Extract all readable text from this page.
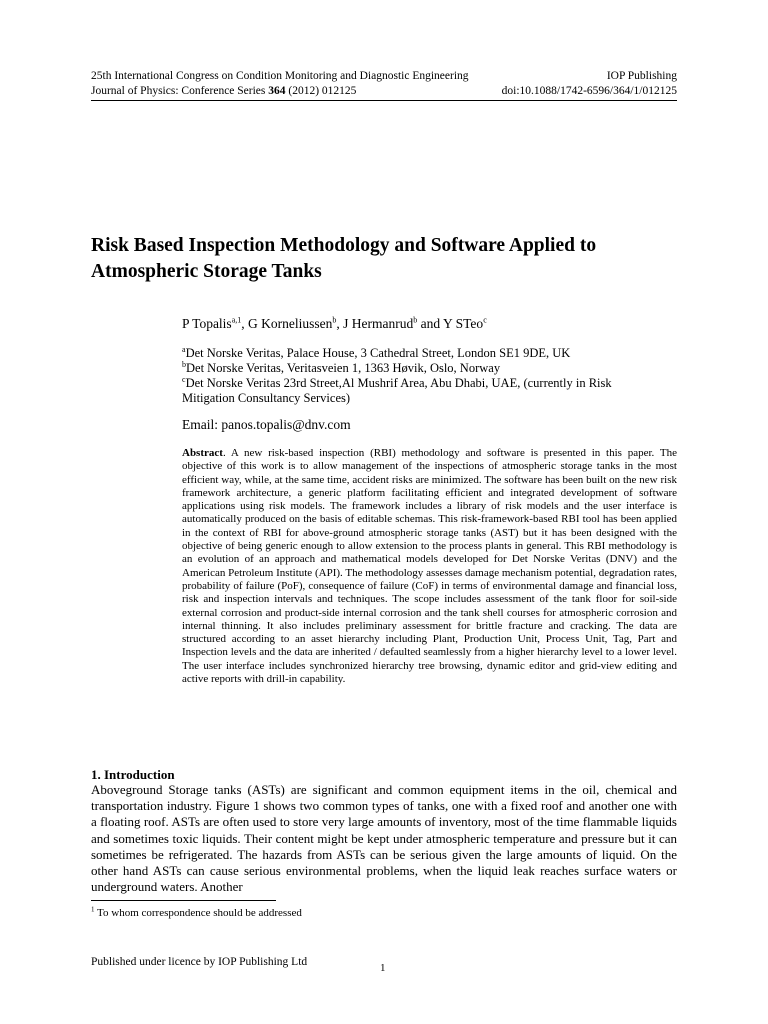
25th International Congress on Condition Monitoring and Diagnostic Engineering	IOP Publishing
Journal of Physics: Conference Series 364 (2012) 012125	doi:10.1088/1742-6596/364/1/012125
Risk Based Inspection Methodology and Software Applied to
Atmospheric Storage Tanks
P Topalis$^{a,1}$, G Korneliussen$^b$, J Hermanrud$^b$ and Y STeo$^c$
$^a$Det Norske Veritas, Palace House, 3 Cathedral Street, London SE1 9DE, UK
$^b$Det Norske Veritas, Veritasveien 1, 1363 Høvik, Oslo, Norway
$^c$Det Norske Veritas 23rd Street,Al Mushrif Area, Abu Dhabi, UAE, (currently in Risk Mitigation Consultancy Services)
Email: panos.topalis@dnv.com

Abstract. A new risk-based inspection (RBI) methodology and software is presented in this paper. The objective of this work is to allow management of the inspections of atmospheric storage tanks in the most efficient way, while, at the same time, accident risks are minimized. The software has been built on the new risk framework architecture, a generic platform facilitating efficient and integrated development of software applications using risk models. The framework includes a library of risk models and the user interface is automatically produced on the basis of editable schemas. This risk-framework-based RBI tool has been applied in the context of RBI for above-ground atmospheric storage tanks (AST) but it has been designed with the objective of being generic enough to allow extension to the process plants in general. This RBI methodology is an evolution of an approach and mathematical models developed for Det Norske Veritas (DNV) and the American Petroleum Institute (API). The methodology assesses damage mechanism potential, degradation rates, probability of failure (PoF), consequence of failure (CoF) in terms of environmental damage and financial loss, risk and inspection intervals and techniques. The scope includes assessment of the tank floor for soil-side external corrosion and product-side internal corrosion and the tank shell courses for atmospheric corrosion and internal thinning. It also includes preliminary assessment for brittle fracture and cracking. The data are structured according to an asset hierarchy including Plant, Production Unit, Process Unit, Tag, Part and Inspection levels and the data are inherited / defaulted seamlessly from a higher hierarchy level to a lower level. The user interface includes synchronized hierarchy tree browsing, dynamic editor and grid-view editing and active reports with drill-in capability.

1. Introduction

Aboveground Storage tanks (ASTs) are significant and common equipment items in the oil, chemical and transportation industry. Figure 1 shows two common types of tanks, one with a fixed roof and another one with a floating roof. ASTs are often used to store very large amounts of inventory, most of the time flammable liquids and sometimes toxic liquids. Their content might be kept under atmospheric temperature and pressure but it can sometimes be refrigerated. The hazards from ASTs can be serious given the large amounts of liquid. On the other hand ASTs can cause serious environmental problems, when the liquid leak reaches surface waters or underground waters. Another

$^1$ To whom correspondence should be addressed
Published under licence by IOP Publishing Ltd	1
